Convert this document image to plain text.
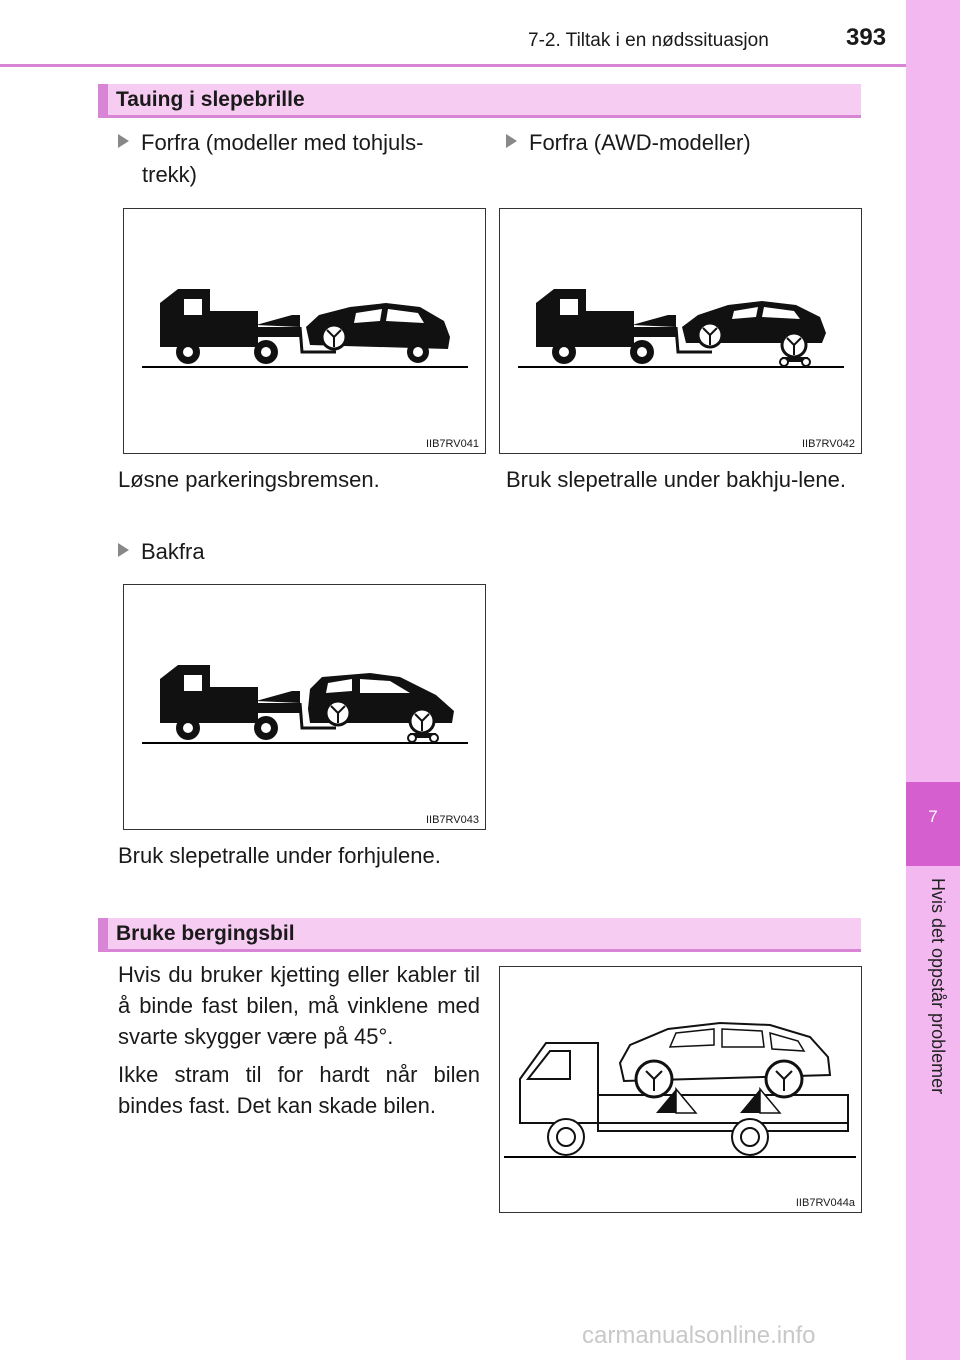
7-2. Tiltak i en nødssituasjon	393
7
Hvis det oppstår problemer
Tauing i slepebrille
Forfra (modeller med tohjuls-
trekk)
Forfra (AWD-modeller)
IIB7RV041	IIB7RV042
Løsne parkeringsbremsen.	Bruk slepetralle under bakhju-lene.
Bakfra
IIB7RV043
Bruk slepetralle under forhjulene.
Bruke bergingsbil
Hvis du bruker kjetting eller kabler til å binde fast bilen, må vinklene med svarte skygger være på 45°.
Ikke stram til for hardt når bilen bindes fast. Det kan skade bilen.
IIB7RV044a
carmanualsonline.info
